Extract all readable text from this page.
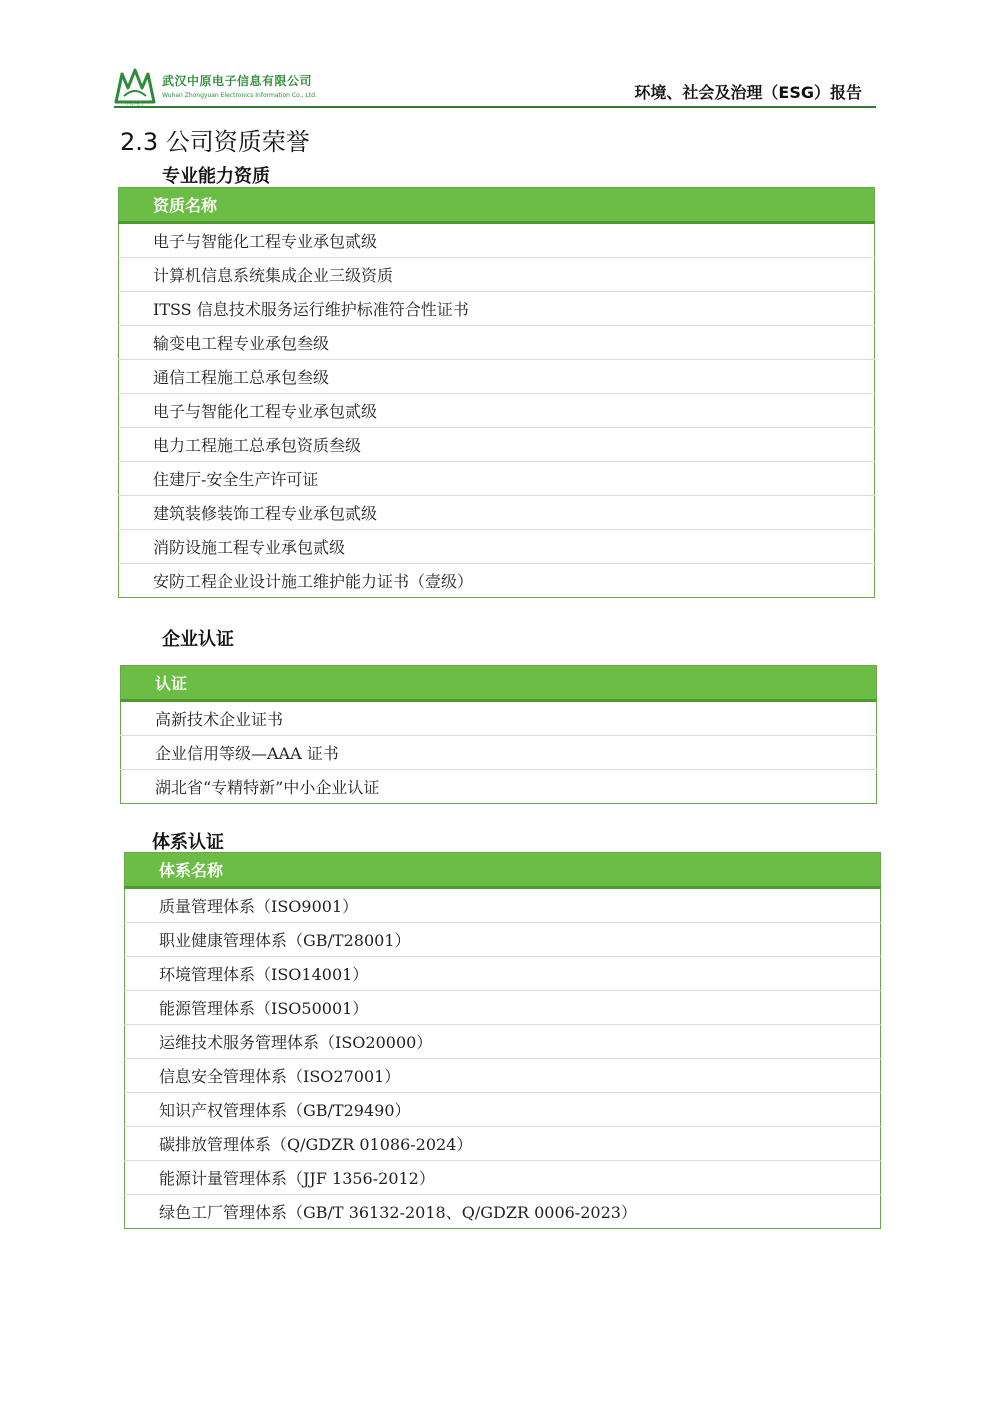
中原电子
武汉中原电子信息有限公司
Wuhan Zhongyuan Electronics Information Co., Ltd.	环境、社会及治理（ESG）报告
2.3 公司资质荣誉
专业能力资质
资质名称
电子与智能化工程专业承包贰级
计算机信息系统集成企业三级资质
ITSS 信息技术服务运行维护标准符合性证书
输变电工程专业承包叁级
通信工程施工总承包叁级
电子与智能化工程专业承包贰级
电力工程施工总承包资质叁级
住建厅-安全生产许可证
建筑装修装饰工程专业承包贰级
消防设施工程专业承包贰级
安防工程企业设计施工维护能力证书（壹级）
企业认证
认证
高新技术企业证书
企业信用等级—AAA 证书
湖北省“专精特新”中小企业认证
体系认证
体系名称
质量管理体系（ISO9001）
职业健康管理体系（GB/T28001）
环境管理体系（ISO14001）
能源管理体系（ISO50001）
运维技术服务管理体系（ISO20000）
信息安全管理体系（ISO27001）
知识产权管理体系（GB/T29490）
碳排放管理体系（Q/GDZR 01086-2024）
能源计量管理体系（JJF 1356-2012）
绿色工厂管理体系（GB/T 36132-2018、Q/GDZR 0006-2023）
